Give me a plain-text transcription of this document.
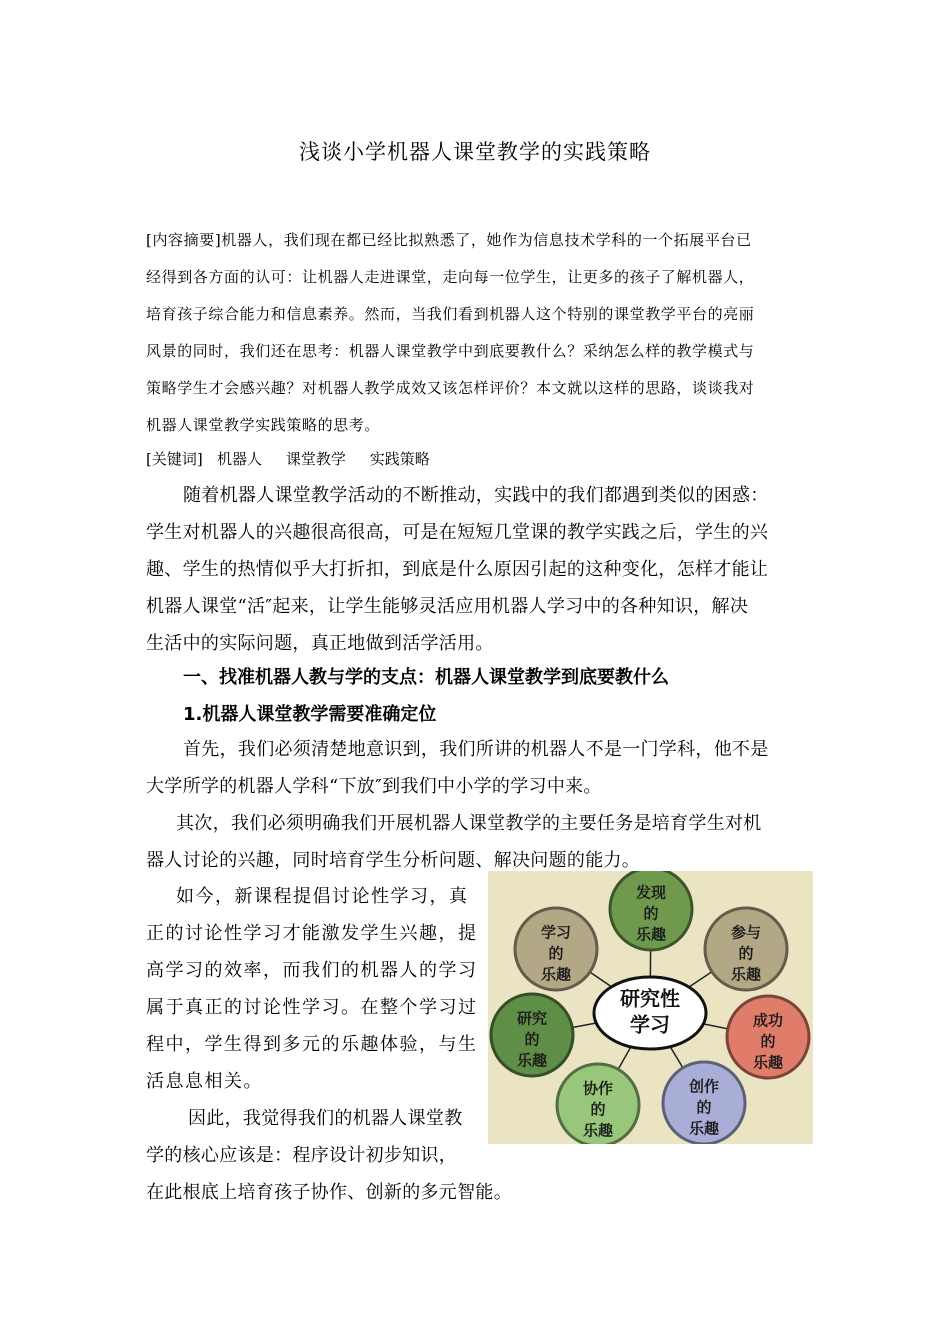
浅谈小学机器人课堂教学的实践策略
[内容摘要]机器人，我们现在都已经比拟熟悉了，她作为信息技术学科的一个拓展平台已
经得到各方面的认可：让机器人走进课堂，走向每一位学生，让更多的孩子了解机器人，
培育孩子综合能力和信息素养。然而，当我们看到机器人这个特别的课堂教学平台的亮丽
风景的同时，我们还在思考：机器人课堂教学中到底要教什么？采纳怎么样的教学模式与
策略学生才会感兴趣？对机器人教学成效又该怎样评价？本文就以这样的思路，谈谈我对
机器人课堂教学实践策略的思考。
[关键词] 机器人 课堂教学 实践策略
随着机器人课堂教学活动的不断推动，实践中的我们都遇到类似的困惑：
学生对机器人的兴趣很高很高，可是在短短几堂课的教学实践之后，学生的兴
趣、学生的热情似乎大打折扣，到底是什么原因引起的这种变化，怎样才能让
机器人课堂“活″起来，让学生能够灵活应用机器人学习中的各种知识，解决
生活中的实际问题，真正地做到活学活用。
一、找准机器人教与学的支点：机器人课堂教学到底要教什么
1.机器人课堂教学需要准确定位
首先，我们必须清楚地意识到，我们所讲的机器人不是一门学科，他不是
大学所学的机器人学科“下放″到我们中小学的学习中来。
其次，我们必须明确我们开展机器人课堂教学的主要任务是培育学生对机
器人讨论的兴趣，同时培育学生分析问题、解决问题的能力。
如今，新课程提倡讨论性学习，真
正的讨论性学习才能激发学生兴趣，提
高学习的效率，而我们的机器人的学习
属于真正的讨论性学习。在整个学习过
程中，学生得到多元的乐趣体验，与生
活息息相关。
因此，我觉得我们的机器人课堂教
学的核心应该是：程序设计初步知识，
在此根底上培育孩子协作、创新的多元智能。
发现
的
乐趣	参与
的
乐趣
成功
的
乐趣
创作
的
乐趣
协作
的
乐趣
研究
的
乐趣
学习
的
乐趣
研究性
学习
